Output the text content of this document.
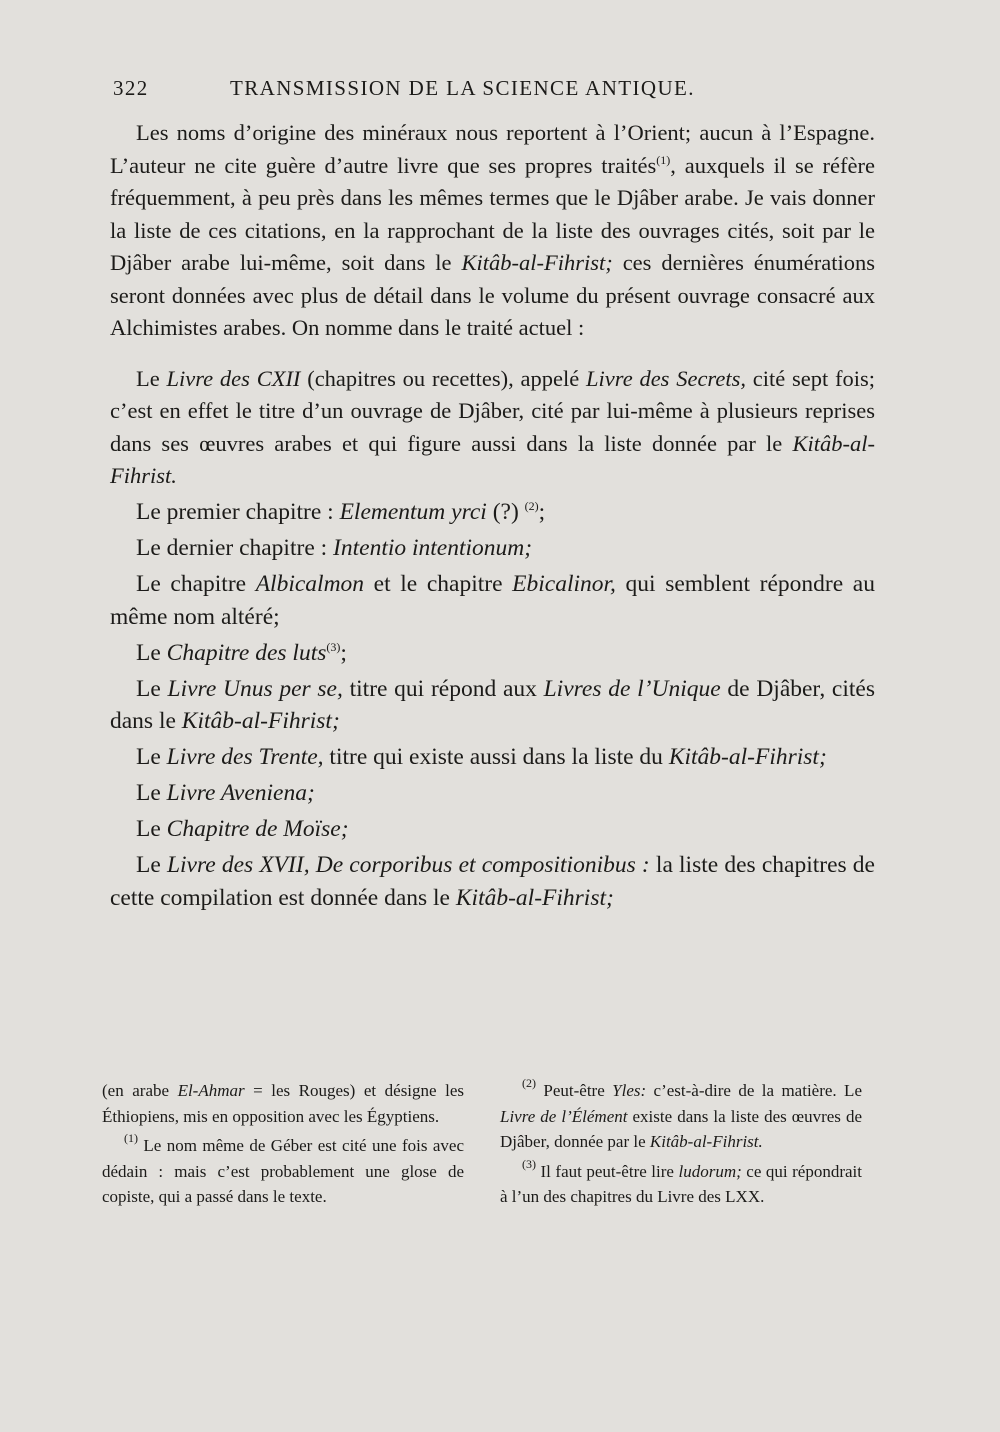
322	TRANSMISSION DE LA SCIENCE ANTIQUE.

Les noms d’origine des minéraux nous reportent à l’Orient; aucun à l’Espagne. L’auteur ne cite guère d’autre livre que ses propres traités$^{(1)}$, auxquels il se réfère fréquemment, à peu près dans les mêmes termes que le Djâber arabe. Je vais donner la liste de ces citations, en la rapprochant de la liste des ouvrages cités, soit par le Djâber arabe lui-même, soit dans le Kitâb-al-Fihrist; ces dernières énumérations seront données avec plus de détail dans le volume du présent ouvrage consacré aux Alchimistes arabes. On nomme dans le traité actuel :

Le Livre des CXII (chapitres ou recettes), appelé Livre des Secrets, cité sept fois; c’est en effet le titre d’un ouvrage de Djâber, cité par lui-même à plusieurs reprises dans ses œuvres arabes et qui figure aussi dans la liste donnée par le Kitâb-al-Fihrist.

Le premier chapitre : Elementum yrci (?) $^{(2)}$;

Le dernier chapitre : Intentio intentionum;

Le chapitre Albicalmon et le chapitre Ebicalinor, qui semblent répondre au même nom altéré;

Le Chapitre des luts$^{(3)}$;

Le Livre Unus per se, titre qui répond aux Livres de l’Unique de Djâber, cités dans le Kitâb-al-Fihrist;

Le Livre des Trente, titre qui existe aussi dans la liste du Kitâb-al-Fihrist;

Le Livre Aveniena;

Le Chapitre de Moïse;

Le Livre des XVII, De corporibus et compositionibus : la liste des chapitres de cette compilation est donnée dans le Kitâb-al-Fihrist;

(en arabe El-Ahmar = les Rouges) et désigne les Éthiopiens, mis en opposition avec les Égyptiens.

$^{(1)}$ Le nom même de Géber est cité une fois avec dédain : mais c’est probablement une glose de copiste, qui a passé dans le texte.

$^{(2)}$ Peut-être Yles: c’est-à-dire de la matière. Le Livre de l’Élément existe dans la liste des œuvres de Djâber, donnée par le Kitâb-al-Fihrist.

$^{(3)}$ Il faut peut-être lire ludorum; ce qui répondrait à l’un des chapitres du Livre des LXX.
